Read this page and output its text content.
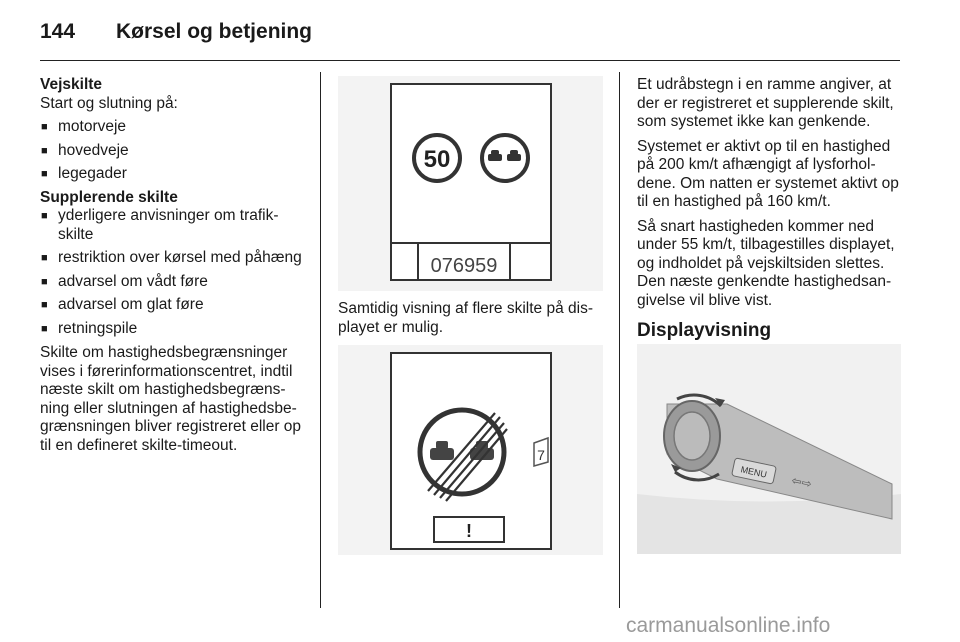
144 Kørsel og betjening
Vejskilte
Start og slutning på:
■ motorveje
■ hovedveje
■ legegader
Supplerende skilte
■ yderligere anvisninger om trafik-skilte
■ restriktion over kørsel med påhæng
■ advarsel om vådt føre
■ advarsel om glat føre
■ retningspile

Skilte om hastighedsbegrænsninger vises i førerinformationscentret, indtil næste skilt om hastighedsbegræns-ning eller slutningen af hastighedsbe-grænsningen bliver registreret eller op til en defineret skilte-timeout.

50
076959
Samtidig visning af flere skilte på dis-playet er mulig.
7
!

Et udråbstegn i en ramme angiver, at der er registreret et supplerende skilt, som systemet ikke kan genkende.

Systemet er aktivt op til en hastighed på 200 km/t afhængigt af lysforhol-dene. Om natten er systemet aktivt op til en hastighed på 160 km/t.

Så snart hastigheden kommer ned under 55 km/t, tilbagestilles displayet, og indholdet på vejskiltsiden slettes. Den næste genkendte hastighedsan-givelse vil blive vist.

Displayvisning
MENU
⇦⇨
carmanualsonline.info
